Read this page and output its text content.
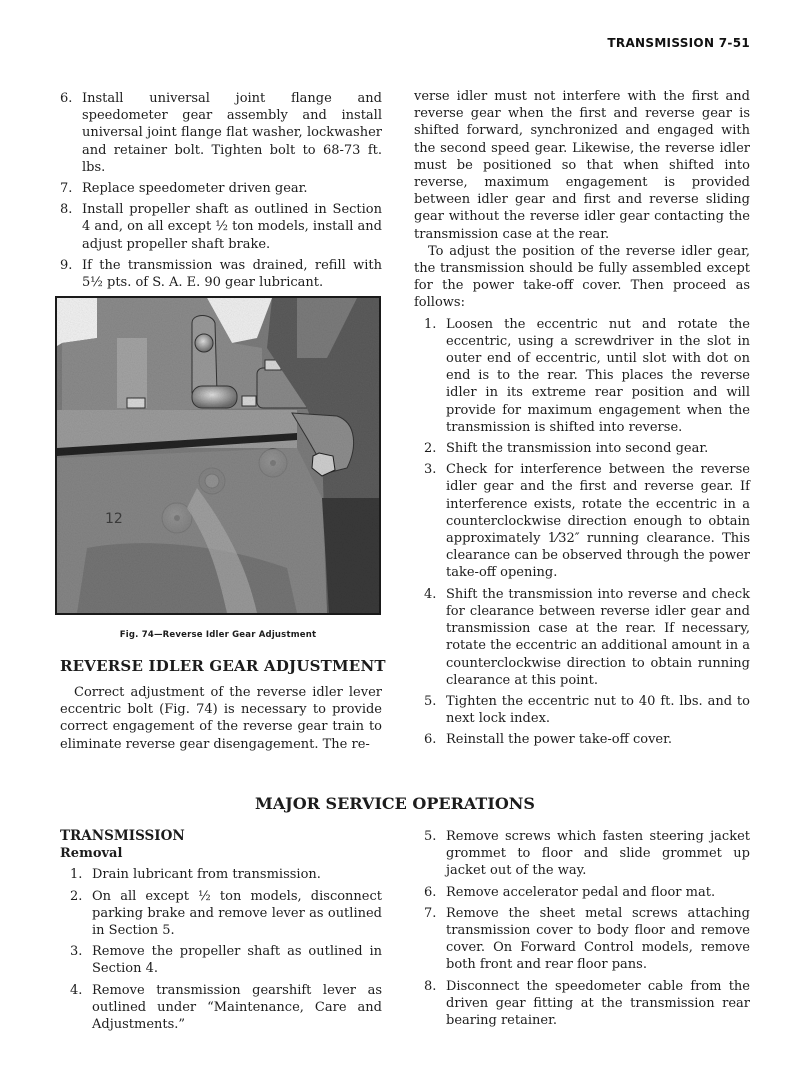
TRANSMISSION 7-51
6. Install universal joint flange and speedometer gear assembly and install universal joint flange flat washer, lockwasher and retainer bolt. Tighten bolt to 68-73 ft. lbs.
7. Replace speedometer driven gear.
8. Install propeller shaft as outlined in Section 4 and, on all except ½ ton models, install and adjust propeller shaft brake.
9. If the transmission was drained, refill with 5½ pts. of S. A. E. 90 gear lubricant.
12
Fig. 74—Reverse Idler Gear Adjustment
REVERSE IDLER GEAR ADJUSTMENT

Correct adjustment of the reverse idler lever eccentric bolt (Fig. 74) is necessary to provide correct engagement of the reverse gear train to eliminate reverse gear disengagement. The re-

verse idler must not interfere with the first and reverse gear when the first and reverse gear is shifted forward, synchronized and engaged with the second speed gear. Likewise, the reverse idler must be positioned so that when shifted into reverse, maximum engagement is provided between idler gear and first and reverse sliding gear without the reverse idler gear contacting the transmission case at the rear.

To adjust the position of the reverse idler gear, the transmission should be fully assembled except for the power take-off cover. Then proceed as follows:

1. Loosen the eccentric nut and rotate the eccentric, using a screwdriver in the slot in outer end of eccentric, until slot with dot on end is to the rear. This places the reverse idler in its extreme rear position and will provide for maximum engagement when the transmission is shifted into reverse.
2. Shift the transmission into second gear.
3. Check for interference between the reverse idler gear and the first and reverse gear. If interference exists, rotate the eccentric in a counterclockwise direction enough to obtain approximately 1⁄32″ running clearance. This clearance can be observed through the power take-off opening.
4. Shift the transmission into reverse and check for clearance between reverse idler gear and transmission case at the rear. If necessary, rotate the eccentric an additional amount in a counterclockwise direction to obtain running clearance at this point.
5. Tighten the eccentric nut to 40 ft. lbs. and to next lock index.
6. Reinstall the power take-off cover.
MAJOR SERVICE OPERATIONS

TRANSMISSION

Removal

1. Drain lubricant from transmission.
2. On all except ½ ton models, disconnect parking brake and remove lever as outlined in Section 5.
3. Remove the propeller shaft as outlined in Section 4.
4. Remove transmission gearshift lever as outlined under “Maintenance, Care and Adjustments.”
5. Remove screws which fasten steering jacket grommet to floor and slide grommet up jacket out of the way.
6. Remove accelerator pedal and floor mat.
7. Remove the sheet metal screws attaching transmission cover to body floor and remove cover. On Forward Control models, remove both front and rear floor pans.
8. Disconnect the speedometer cable from the driven gear fitting at the transmission rear bearing retainer.
